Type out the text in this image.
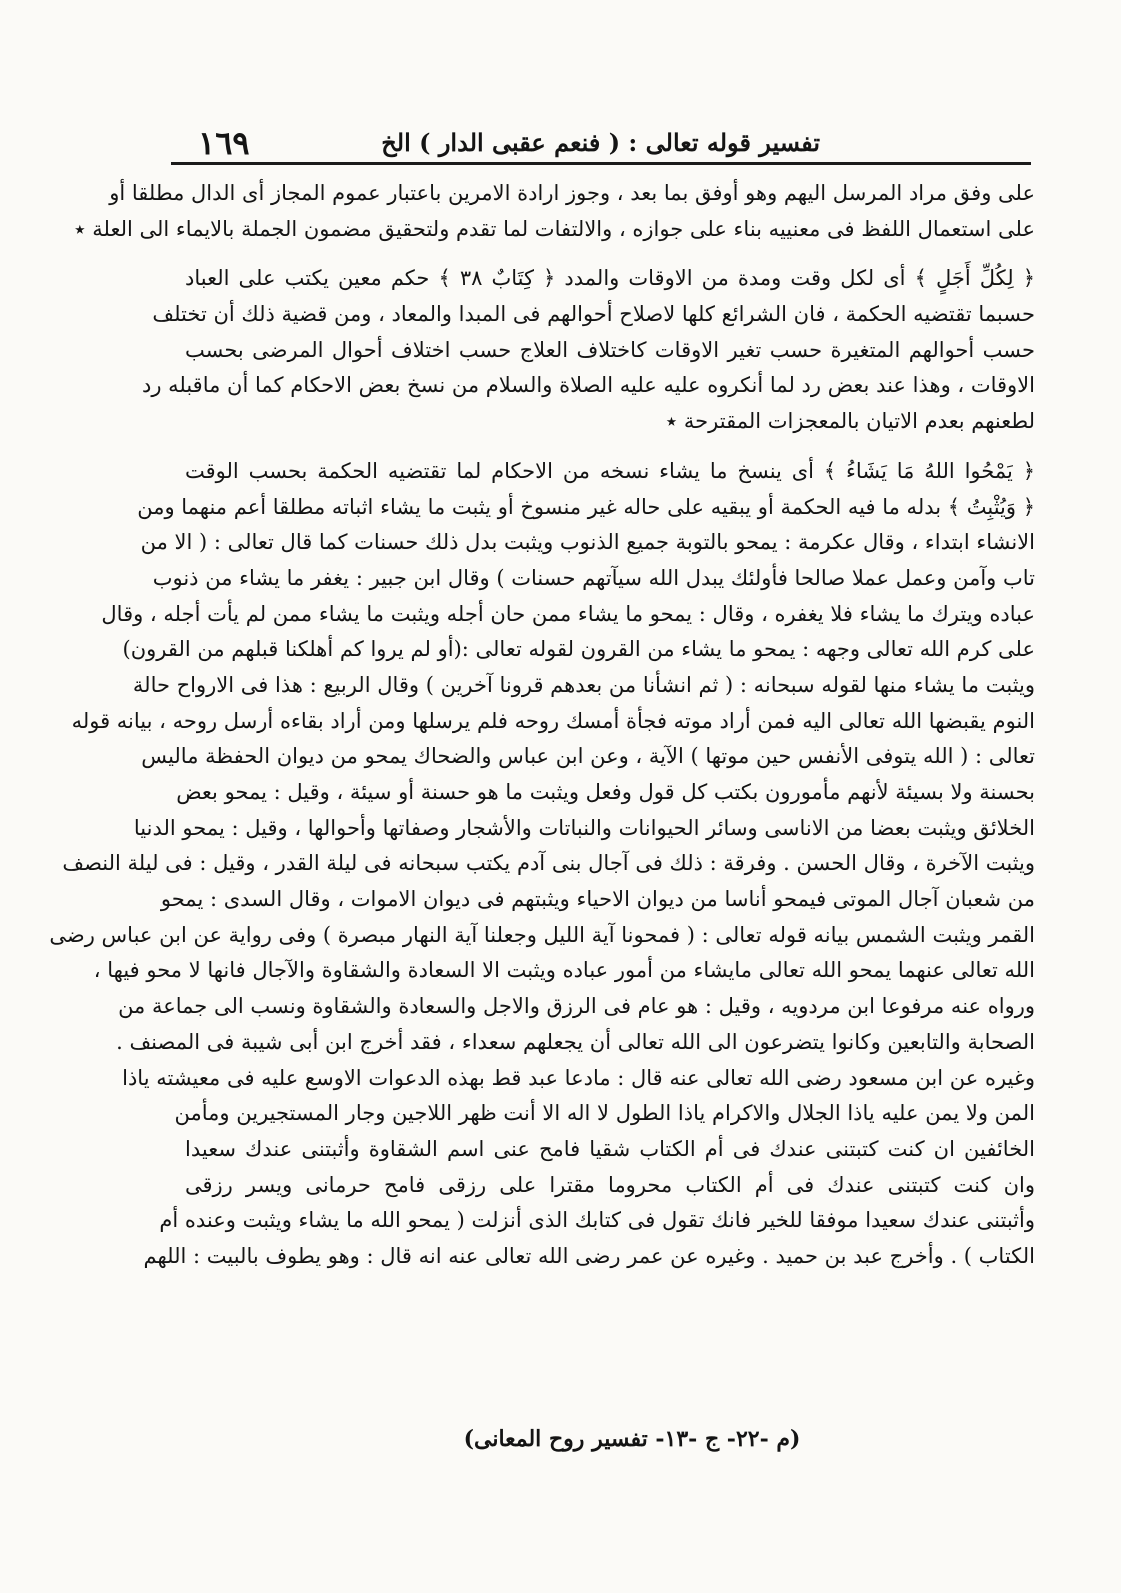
تفسير قوله تعالى : ( فنعم عقبى الدار ) الخ
١٦٩
على وفق مراد المرسل اليهم وهو أوفق بما بعد ، وجوز ارادة الامرين باعتبار عموم المجاز أى الدال مطلقا أو
على استعمال اللفظ فى معنييه بناء على جوازه ، والالتفات لما تقدم ولتحقيق مضمون الجملة بالايماء الى العلة ٭
﴿ لِكُلِّ أَجَلٍ ﴾ أى لكل وقت ومدة من الاوقات والمدد ﴿ كِتَابٌ ٣٨ ﴾ حكم معين يكتب على العباد
حسبما تقتضيه الحكمة ، فان الشرائع كلها لاصلاح أحوالهم فى المبدا والمعاد ، ومن قضية ذلك أن تختلف
حسب أحوالهم المتغيرة حسب تغير الاوقات كاختلاف العلاج حسب اختلاف أحوال المرضى بحسب
الاوقات ، وهذا عند بعض رد لما أنكروه عليه عليه الصلاة والسلام من نسخ بعض الاحكام كما أن ماقبله رد
لطعنهم بعدم الاتيان بالمعجزات المقترحة ٭
﴿ يَمْحُوا اللهُ مَا يَشَاءُ ﴾ أى ينسخ ما يشاء نسخه من الاحكام لما تقتضيه الحكمة بحسب الوقت
﴿ وَيُثْبِتُ ﴾ بدله ما فيه الحكمة أو يبقيه على حاله غير منسوخ أو يثبت ما يشاء اثباته مطلقا أعم منهما ومن
الانشاء ابتداء ، وقال عكرمة : يمحو بالتوبة جميع الذنوب ويثبت بدل ذلك حسنات كما قال تعالى : ( الا من
تاب وآمن وعمل عملا صالحا فأولئك يبدل الله سيآتهم حسنات ) وقال ابن جبير : يغفر ما يشاء من ذنوب
عباده ويترك ما يشاء فلا يغفره ، وقال : يمحو ما يشاء ممن حان أجله ويثبت ما يشاء ممن لم يأت أجله ، وقال
على كرم الله تعالى وجهه : يمحو ما يشاء من القرون لقوله تعالى :(أو لم يروا كم أهلكنا قبلهم من القرون)
ويثبت ما يشاء منها لقوله سبحانه : ( ثم انشأنا من بعدهم قرونا آخرين ) وقال الربيع : هذا فى الارواح حالة
النوم يقبضها الله تعالى اليه فمن أراد موته فجأة أمسك روحه فلم يرسلها ومن أراد بقاءه أرسل روحه ، بيانه قوله
تعالى : ( الله يتوفى الأنفس حين موتها ) الآية ، وعن ابن عباس والضحاك يمحو من ديوان الحفظة ماليس
بحسنة ولا بسيئة لأنهم مأمورون بكتب كل قول وفعل ويثبت ما هو حسنة أو سيئة ، وقيل : يمحو بعض
الخلائق ويثبت بعضا من الاناسى وسائر الحيوانات والنباتات والأشجار وصفاتها وأحوالها ، وقيل : يمحو الدنيا
ويثبت الآخرة ، وقال الحسن . وفرقة : ذلك فى آجال بنى آدم يكتب سبحانه فى ليلة القدر ، وقيل : فى ليلة النصف
من شعبان آجال الموتى فيمحو أناسا من ديوان الاحياء ويثبتهم فى ديوان الاموات ، وقال السدى : يمحو
القمر ويثبت الشمس بيانه قوله تعالى : ( فمحونا آية الليل وجعلنا آية النهار مبصرة ) وفى رواية عن ابن عباس رضى
الله تعالى عنهما يمحو الله تعالى مايشاء من أمور عباده ويثبت الا السعادة والشقاوة والآجال فانها لا محو فيها ،
ورواه عنه مرفوعا ابن مردويه ، وقيل : هو عام فى الرزق والاجل والسعادة والشقاوة ونسب الى جماعة من
الصحابة والتابعين وكانوا يتضرعون الى الله تعالى أن يجعلهم سعداء ، فقد أخرج ابن أبى شيبة فى المصنف .
وغيره عن ابن مسعود رضى الله تعالى عنه قال : مادعا عبد قط بهذه الدعوات الاوسع عليه فى معيشته ياذا
المن ولا يمن عليه ياذا الجلال والاكرام ياذا الطول لا اله الا أنت ظهر اللاجين وجار المستجيرين ومأمن
الخائفين ان كنت كتبتنى عندك فى أم الكتاب شقيا فامح عنى اسم الشقاوة وأثبتنى عندك سعيدا
وان كنت كتبتنى عندك فى أم الكتاب محروما مقترا على رزقى فامح حرمانى ويسر رزقى
وأثبتنى عندك سعيدا موفقا للخير فانك تقول فى كتابك الذى أنزلت ( يمحو الله ما يشاء ويثبت وعنده أم
الكتاب ) . وأخرج عبد بن حميد . وغيره عن عمر رضى الله تعالى عنه انه قال : وهو يطوف بالبيت : اللهم
(م -٢٢- ج -١٣- تفسير روح المعانى)
